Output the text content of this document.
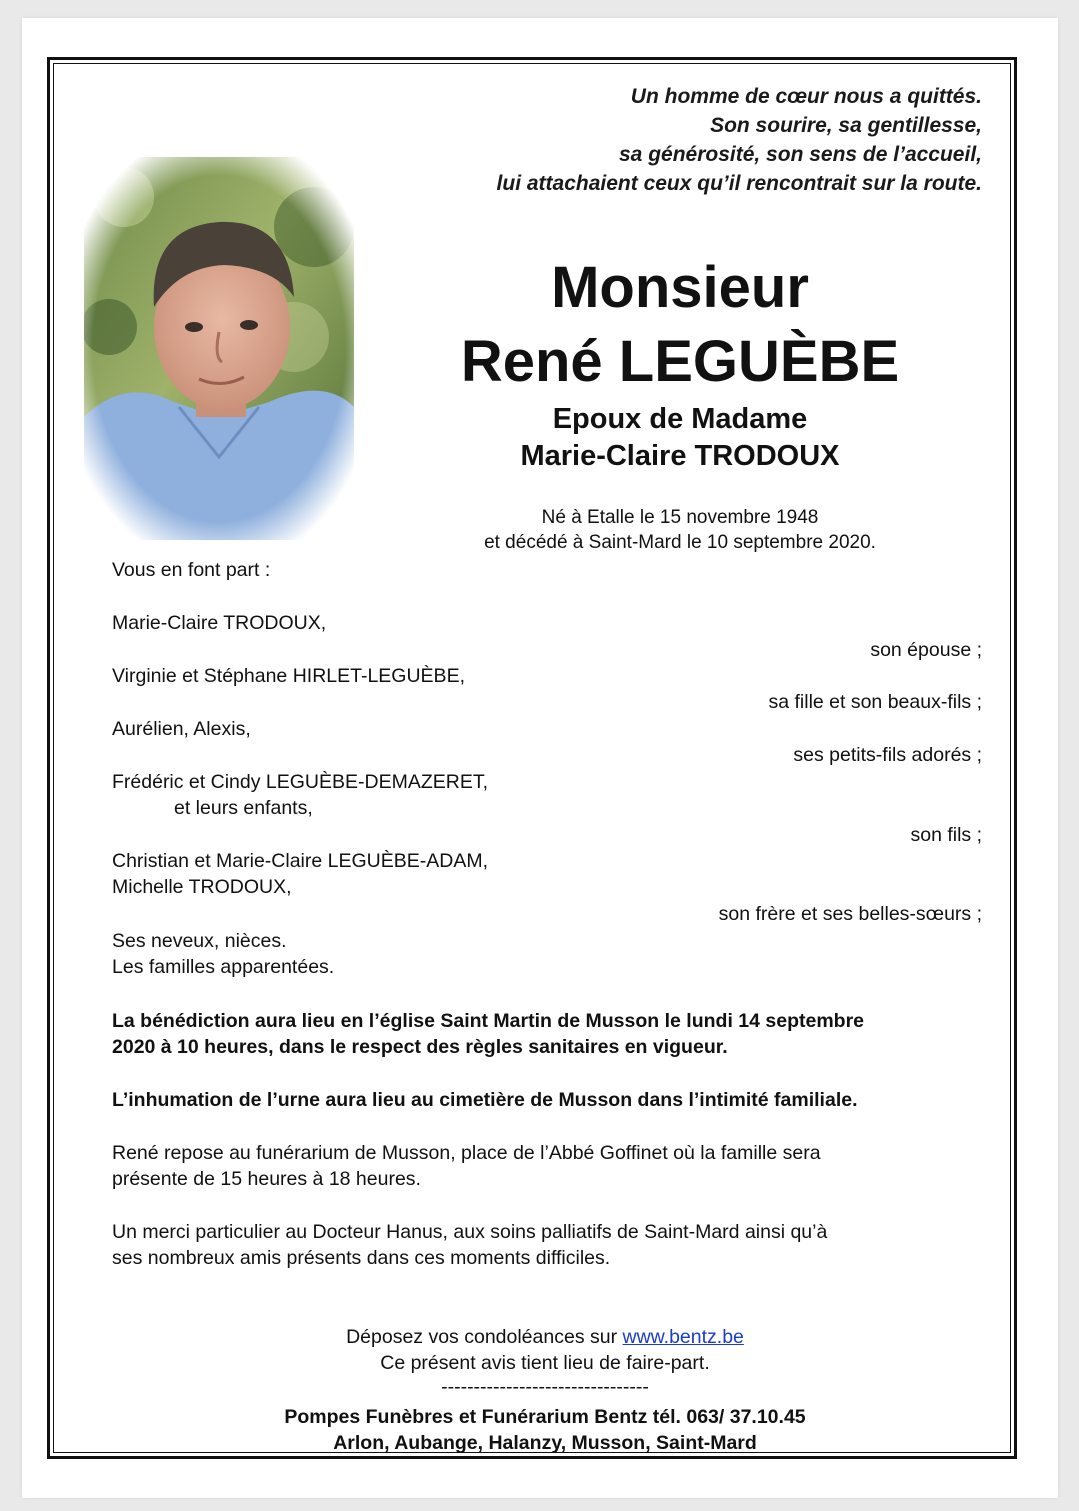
Un homme de cœur nous a quittés.
Son sourire, sa gentillesse,
sa générosité, son sens de l’accueil,
lui attachaient ceux qu’il rencontrait sur la route.
Monsieur
René LEGUÈBE
Epoux de Madame
Marie-Claire TRODOUX
Né à Etalle le 15 novembre 1948
et décédé à Saint-Mard le 10 septembre 2020.
Vous en font part :
Marie-Claire TRODOUX,
son épouse ;
Virginie et Stéphane HIRLET-LEGUÈBE,
sa fille et son beaux-fils ;
Aurélien, Alexis,
ses petits-fils adorés ;
Frédéric et Cindy LEGUÈBE-DEMAZERET,
et leurs enfants,
son fils ;
Christian et Marie-Claire LEGUÈBE-ADAM,
Michelle TRODOUX,
son frère et ses belles-sœurs ;
Ses neveux, nièces.
Les familles apparentées.
La bénédiction aura lieu en l’église Saint Martin de Musson le lundi 14 septembre
2020 à 10 heures, dans le respect des règles sanitaires en vigueur.
L’inhumation de l’urne aura lieu au cimetière de Musson dans l’intimité familiale.
René repose au funérarium de Musson, place de l’Abbé Goffinet où la famille sera
présente de 15 heures à 18 heures.
Un merci particulier au Docteur Hanus, aux soins palliatifs de Saint-Mard ainsi qu’à
ses nombreux amis présents dans ces moments difficiles.
Déposez vos condoléances sur www.bentz.be
Ce présent avis tient lieu de faire-part.
--------------------------------
Pompes Funèbres et Funérarium Bentz tél. 063/ 37.10.45
Arlon, Aubange, Halanzy, Musson, Saint-Mard
